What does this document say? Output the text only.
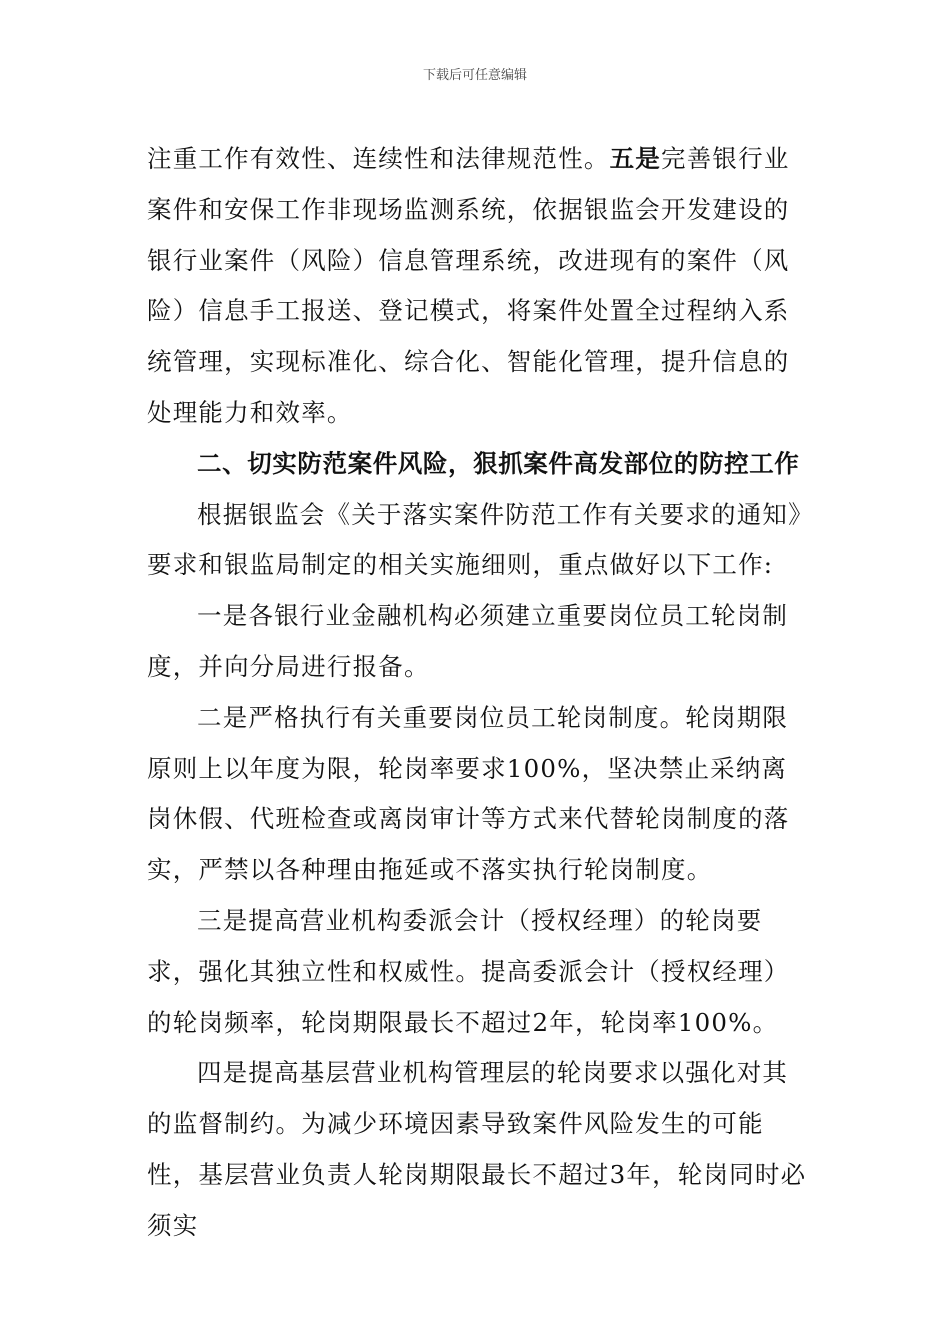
下载后可任意编辑

注重工作有效性、连续性和法律规范性。五是完善银行业案件和安保工作非现场监测系统，依据银监会开发建设的银行业案件（风险）信息管理系统，改进现有的案件（风险）信息手工报送、登记模式，将案件处置全过程纳入系统管理，实现标准化、综合化、智能化管理，提升信息的处理能力和效率。

二、切实防范案件风险，狠抓案件高发部位的防控工作

根据银监会《关于落实案件防范工作有关要求的通知》要求和银监局制定的相关实施细则，重点做好以下工作:

一是各银行业金融机构必须建立重要岗位员工轮岗制度，并向分局进行报备。

二是严格执行有关重要岗位员工轮岗制度。轮岗期限原则上以年度为限，轮岗率要求100%，坚决禁止采纳离岗休假、代班检查或离岗审计等方式来代替轮岗制度的落实，严禁以各种理由拖延或不落实执行轮岗制度。

三是提高营业机构委派会计（授权经理）的轮岗要求，强化其独立性和权威性。提高委派会计（授权经理）的轮岗频率，轮岗期限最长不超过2年，轮岗率100%。

四是提高基层营业机构管理层的轮岗要求以强化对其的监督制约。为减少环境因素导致案件风险发生的可能性，基层营业负责人轮岗期限最长不超过3年，轮岗同时必须实
